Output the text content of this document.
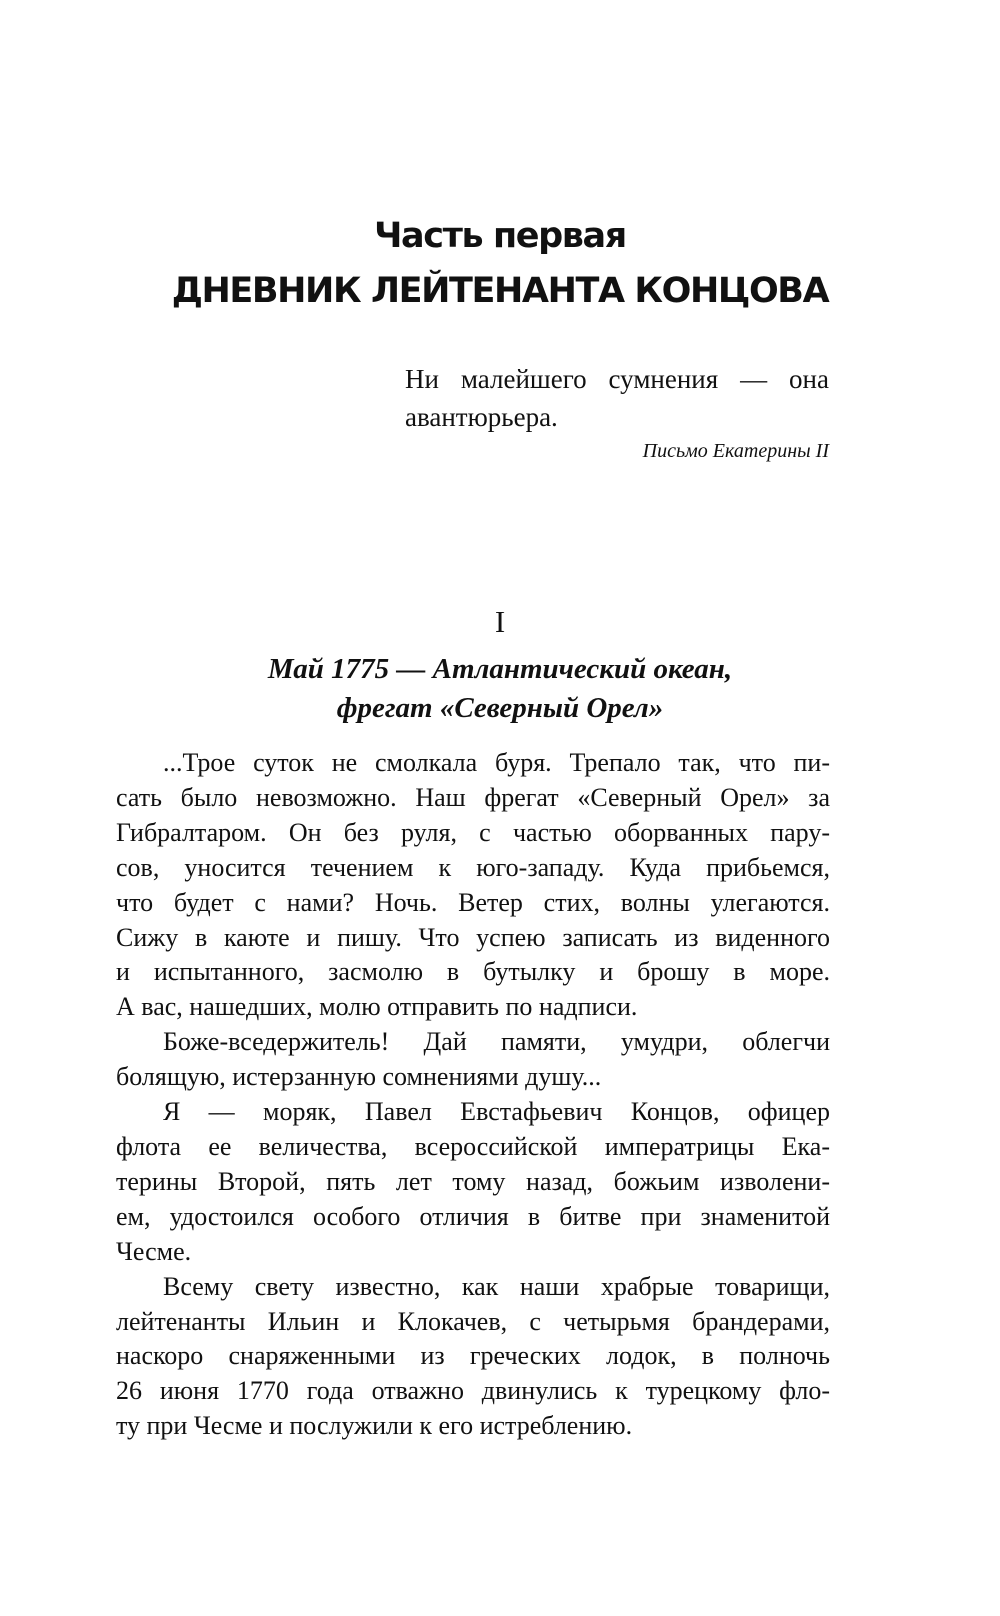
Часть первая
ДНЕВНИК ЛЕЙТЕНАНТА КОНЦОВА

Ни малейшего сумнения — она авантюрьера.

Письмо Екатерины II

I
Май 1775 — Атлантический океан,
фрегат «Северный Орел»

...Трое суток не смолкала буря. Трепало так, что пи-
сать было невозможно. Наш фрегат «Северный Орел» за
Гибралтаром. Он без руля, с частью оборванных пару-
сов, уносится течением к юго-западу. Куда прибьемся,
что будет с нами? Ночь. Ветер стих, волны улегаются.
Сижу в каюте и пишу. Что успею записать из виденного
и испытанного, засмолю в бутылку и брошу в море.
А вас, нашедших, молю отправить по надписи.

Боже-вседержитель! Дай памяти, умудри, облегчи
болящую, истерзанную сомнениями душу...

Я — моряк, Павел Евстафьевич Концов, офицер
флота ее величества, всероссийской императрицы Ека-
терины Второй, пять лет тому назад, божьим изволени-
ем, удостоился особого отличия в битве при знаменитой
Чесме.

Всему свету известно, как наши храбрые товарищи,
лейтенанты Ильин и Клокачев, с четырьмя брандерами,
наскоро снаряженными из греческих лодок, в полночь
26 июня 1770 года отважно двинулись к турецкому фло-
ту при Чесме и послужили к его истреблению.
